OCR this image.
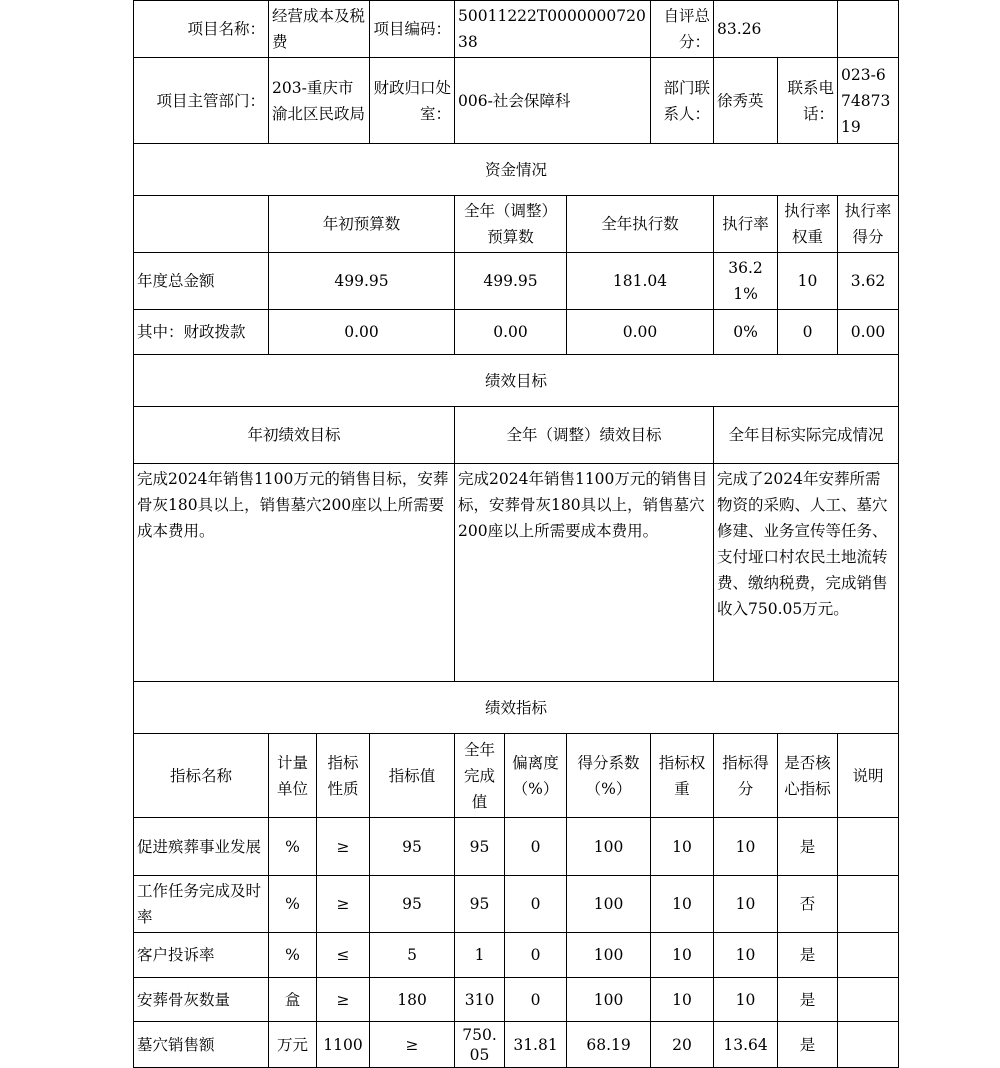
项目名称：	经营成本及税费		项目编码：	50011222T000000072038			自评总分：	83.26		
项目主管部门：	203-重庆市渝北区民政局		财政归口处室：	006-社会保障科			部门联系人：	徐秀英	联系电话：	023-67487319
资金情况										
	年初预算数			全年（调整）预算数		全年执行数		执行率	执行率权重	执行率得分
年度总金额	499.95			499.95		181.04		36.21%	10	3.62
其中：财政拨款	0.00			0.00		0.00		0%	0	0.00
绩效目标										
年初绩效目标				全年（调整）绩效目标				全年目标实际完成情况		
完成2024年销售1100万元的销售目标，安葬骨灰180具以上，销售墓穴200座以上所需要成本费用。				完成2024年销售1100万元的销售目标，安葬骨灰180具以上，销售墓穴200座以上所需要成本费用。				完成了2024年安葬所需物资的采购、人工、墓穴修建、业务宣传等任务、支付垭口村农民土地流转费、缴纳税费，完成销售收入750.05万元。		
绩效指标										
指标名称	计量单位	指标性质	指标值	全年完成值	偏离度（%）	得分系数（%）	指标权重	指标得分	是否核心指标	说明
促进殡葬事业发展	%	≥	95	95	0	100	10	10	是	
工作任务完成及时率	%	≥	95	95	0	100	10	10	否	
客户投诉率	%	≤	5	1	0	100	10	10	是	
安葬骨灰数量	盒	≥	180	310	0	100	10	10	是	
墓穴销售额	万元	1100	≥	750.05	31.81	68.19	20	13.64	是	
